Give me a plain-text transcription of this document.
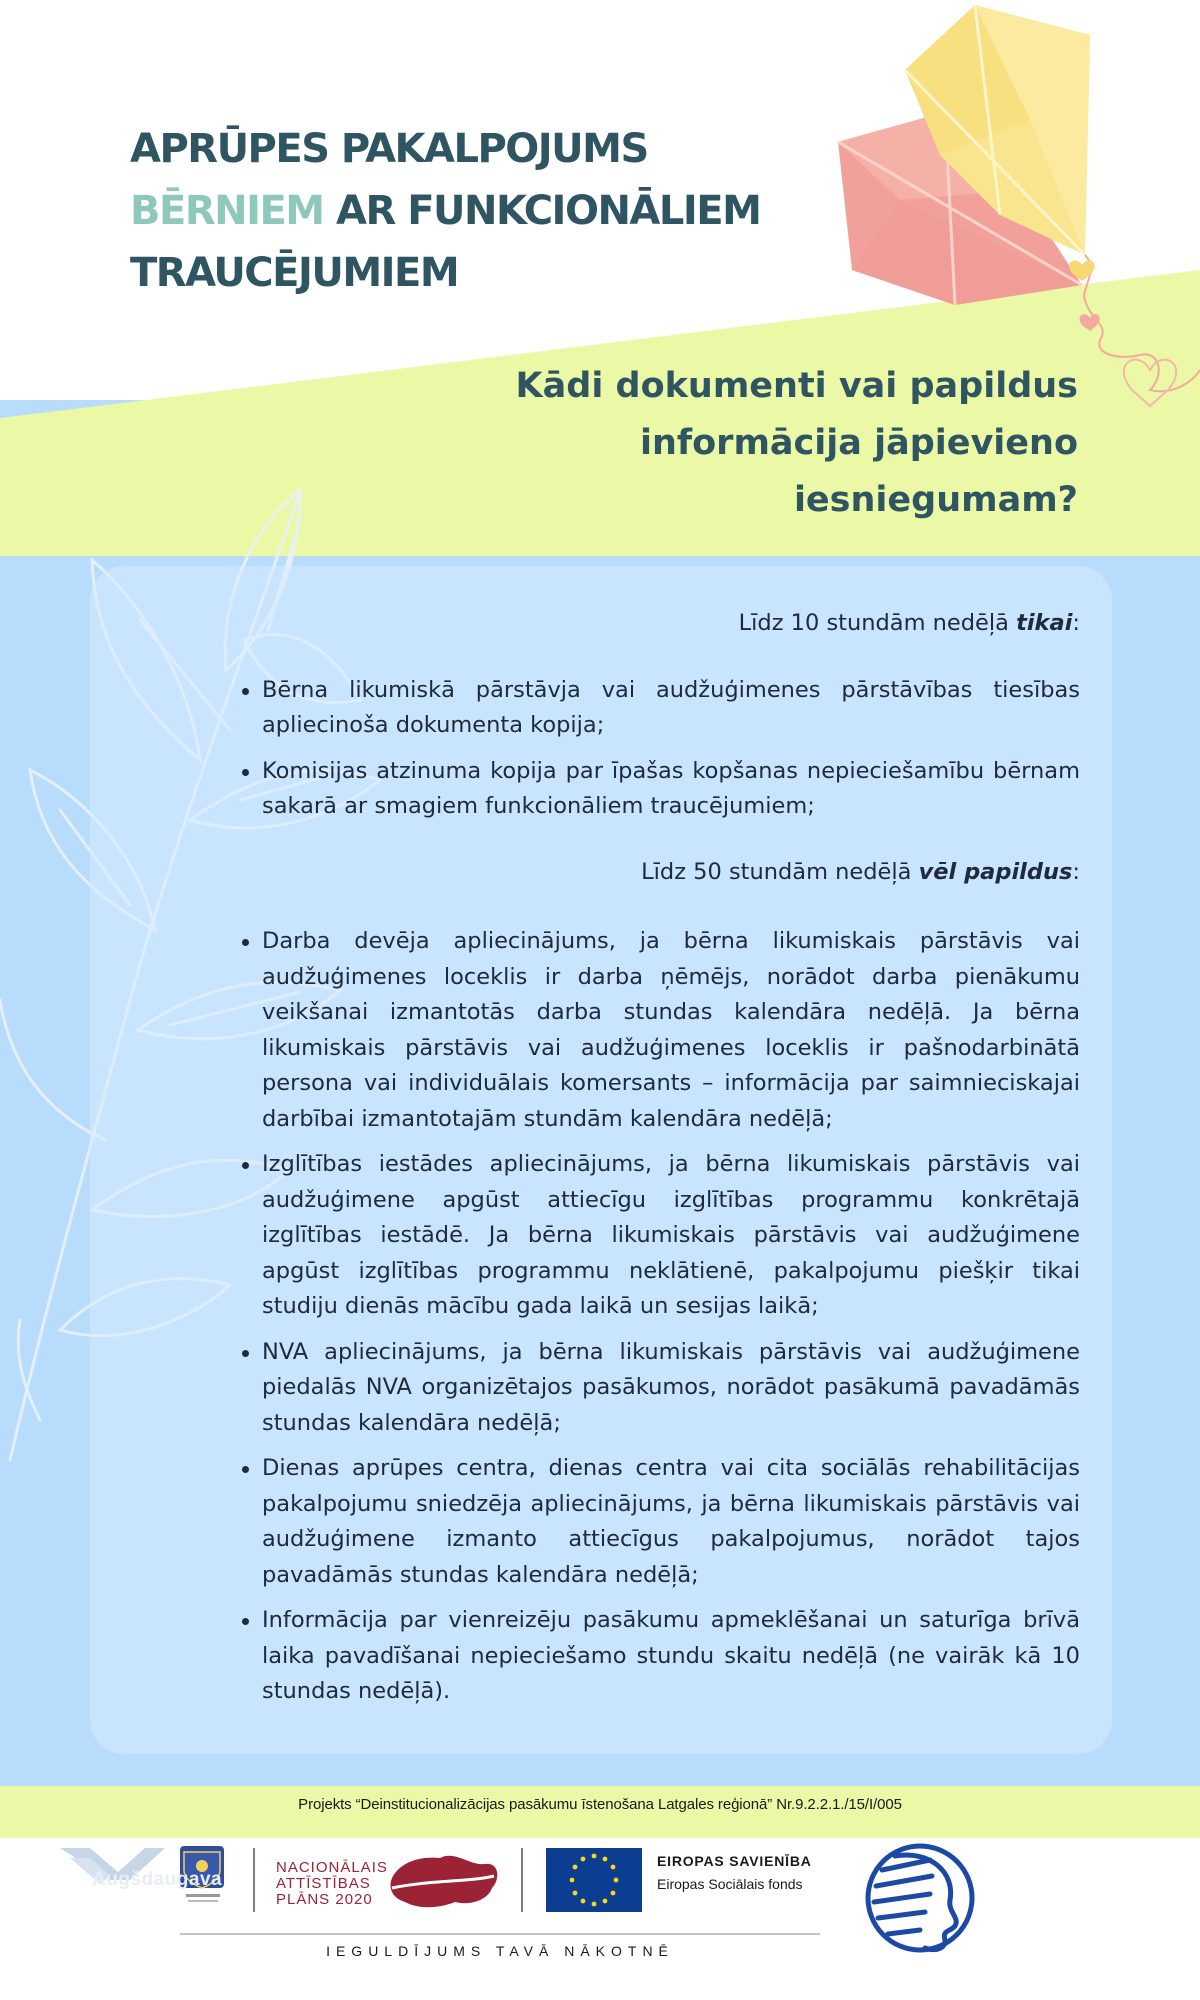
APRŪPES PAKALPOJUMS
BĒRNIEM AR FUNKCIONĀLIEM
TRAUCĒJUMIEM
Kādi dokumenti vai papildus
informācija jāpievieno
iesniegumam?

Līdz 10 stundām nedēļā tikai:

Bērna likumiskā pārstāvja vai audžuģimenes pārstāvības tiesības apliecinoša dokumenta kopija;
Komisijas atzinuma kopija par īpašas kopšanas nepieciešamību bērnam sakarā ar smagiem funkcionāliem traucējumiem;

Līdz 50 stundām nedēļā vēl papildus:

Darba devēja apliecinājums, ja bērna likumiskais pārstāvis vai audžuģimenes loceklis ir darba ņēmējs, norādot darba pienākumu veikšanai izmantotās darba stundas kalendāra nedēļā. Ja bērna likumiskais pārstāvis vai audžuģimenes loceklis ir pašnodarbinātā persona vai individuālais komersants – informācija par saimnieciskajai darbībai izmantotajām stundām kalendāra nedēļā;
Izglītības iestādes apliecinājums, ja bērna likumiskais pārstāvis vai audžuģimene apgūst attiecīgu izglītības programmu konkrētajā izglītības iestādē. Ja bērna likumiskais pārstāvis vai audžuģimene apgūst izglītības programmu neklātienē, pakalpojumu piešķir tikai studiju dienās mācību gada laikā un sesijas laikā;
NVA apliecinājums, ja bērna likumiskais pārstāvis vai audžuģimene piedalās NVA organizētajos pasākumos, norādot pasākumā pavadāmās stundas kalendāra nedēļā;
Dienas aprūpes centra, dienas centra vai cita sociālās rehabilitācijas pakalpojumu sniedzēja apliecinājums, ja bērna likumiskais pārstāvis vai audžuģimene izmanto attiecīgus pakalpojumus, norādot tajos pavadāmās stundas kalendāra nedēļā;
Informācija par vienreizēju pasākumu apmeklēšanai un saturīga brīvā laika pavadīšanai nepieciešamo stundu skaitu nedēļā (ne vairāk kā 10 stundas nedēļā).
Projekts “Deinstitucionalizācijas pasākumu īstenošana Latgales reģionā” Nr.9.2.2.1./15/I/005
Augšdaugava
NACIONĀLAIS ATTĪSTĪBAS PLĀNS 2020
EIROPAS SAVIENĪBA
Eiropas Sociālais fonds
IEGULDĪJUMS TAVĀ NĀKOTNĒ
